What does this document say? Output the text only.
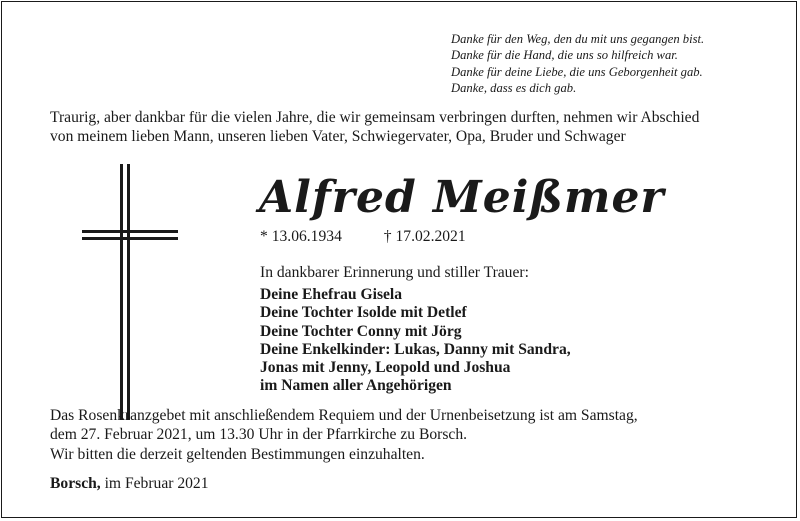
Danke für den Weg, den du mit uns gegangen bist.
Danke für die Hand, die uns so hilfreich war.
Danke für deine Liebe, die uns Geborgenheit gab.
Danke, dass es dich gab.
Traurig, aber dankbar für die vielen Jahre, die wir gemeinsam verbringen durften, nehmen wir Abschied
von meinem lieben Mann, unseren lieben Vater, Schwiegervater, Opa, Bruder und Schwager
Alfred Meißmer
* 13.06.1934	† 17.02.2021
In dankbarer Erinnerung und stiller Trauer:
Deine Ehefrau Gisela
Deine Tochter Isolde mit Detlef
Deine Tochter Conny mit Jörg
Deine Enkelkinder: Lukas, Danny mit Sandra,
Jonas mit Jenny, Leopold und Joshua
im Namen aller Angehörigen
Das Rosenkranzgebet mit anschließendem Requiem und der Urnenbeisetzung ist am Samstag,
dem 27. Februar 2021, um 13.30 Uhr in der Pfarrkirche zu Borsch.
Wir bitten die derzeit geltenden Bestimmungen einzuhalten.
Borsch, im Februar 2021
